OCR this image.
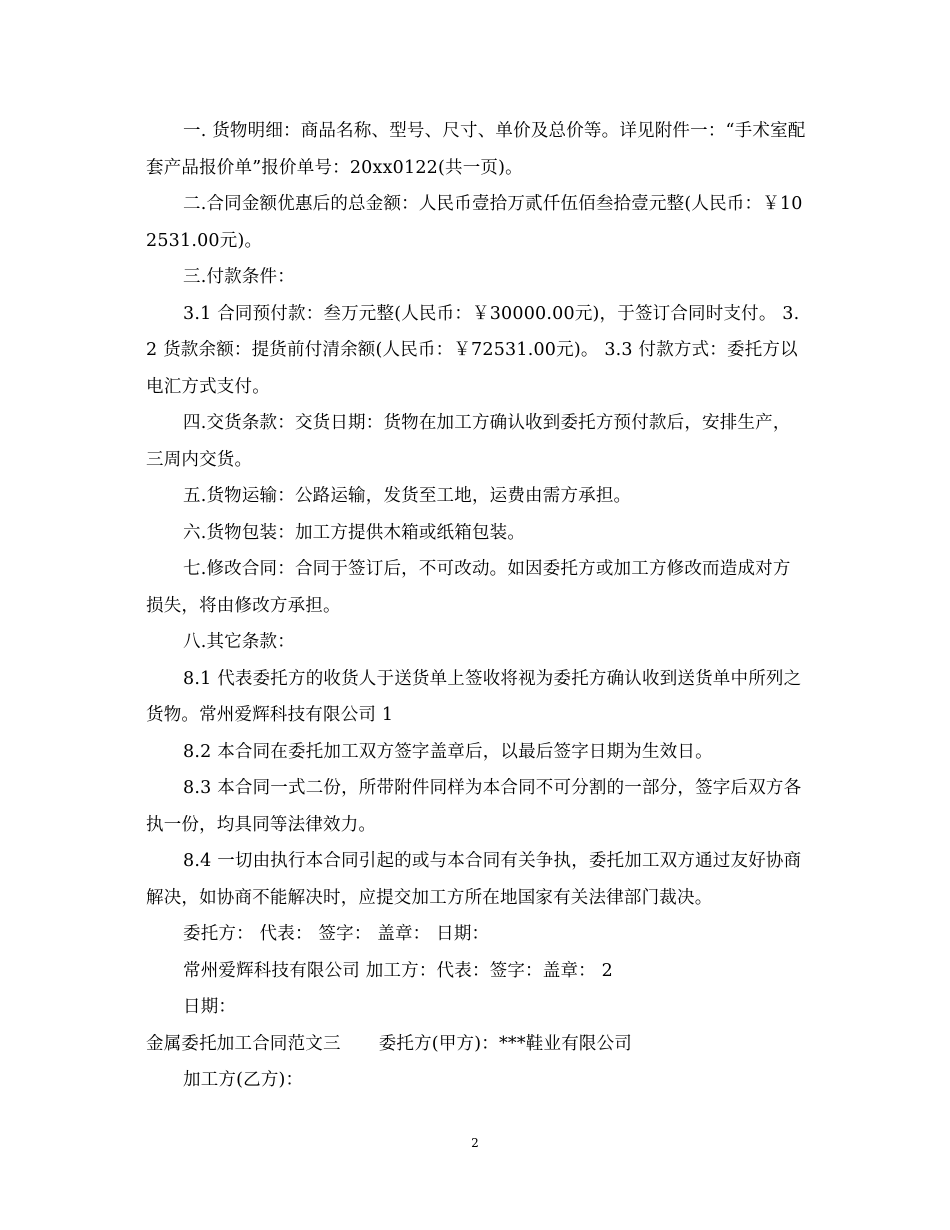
一. 货物明细：商品名称、型号、尺寸、单价及总价等。详见附件一：“手术室配套产品报价单”报价单号：20xx0122(共一页)。

二.合同金额优惠后的总金额：人民币壹拾万贰仟伍佰叁拾壹元整(人民币：￥102531.00元)。

三.付款条件：

3.1 合同预付款：叁万元整(人民币：￥30000.00元)，于签订合同时支付。 3.2 货款余额：提货前付清余额(人民币：￥72531.00元)。 3.3 付款方式：委托方以电汇方式支付。

四.交货条款：交货日期：货物在加工方确认收到委托方预付款后，安排生产，三周内交货。

五.货物运输：公路运输，发货至工地，运费由需方承担。

六.货物包装：加工方提供木箱或纸箱包装。

七.修改合同：合同于签订后，不可改动。如因委托方或加工方修改而造成对方损失，将由修改方承担。

八.其它条款：

8.1 代表委托方的收货人于送货单上签收将视为委托方确认收到送货单中所列之货物。常州爱辉科技有限公司 1

8.2 本合同在委托加工双方签字盖章后，以最后签字日期为生效日。

8.3 本合同一式二份，所带附件同样为本合同不可分割的一部分，签字后双方各执一份，均具同等法律效力。

8.4 一切由执行本合同引起的或与本合同有关争执，委托加工双方通过友好协商解决，如协商不能解决时，应提交加工方所在地国家有关法律部门裁决。

委托方： 代表： 签字： 盖章： 日期：

常州爱辉科技有限公司 加工方：代表：签字：盖章： 2

日期：

金属委托加工合同范文三 委托方(甲方)：***鞋业有限公司

加工方(乙方)：

2
